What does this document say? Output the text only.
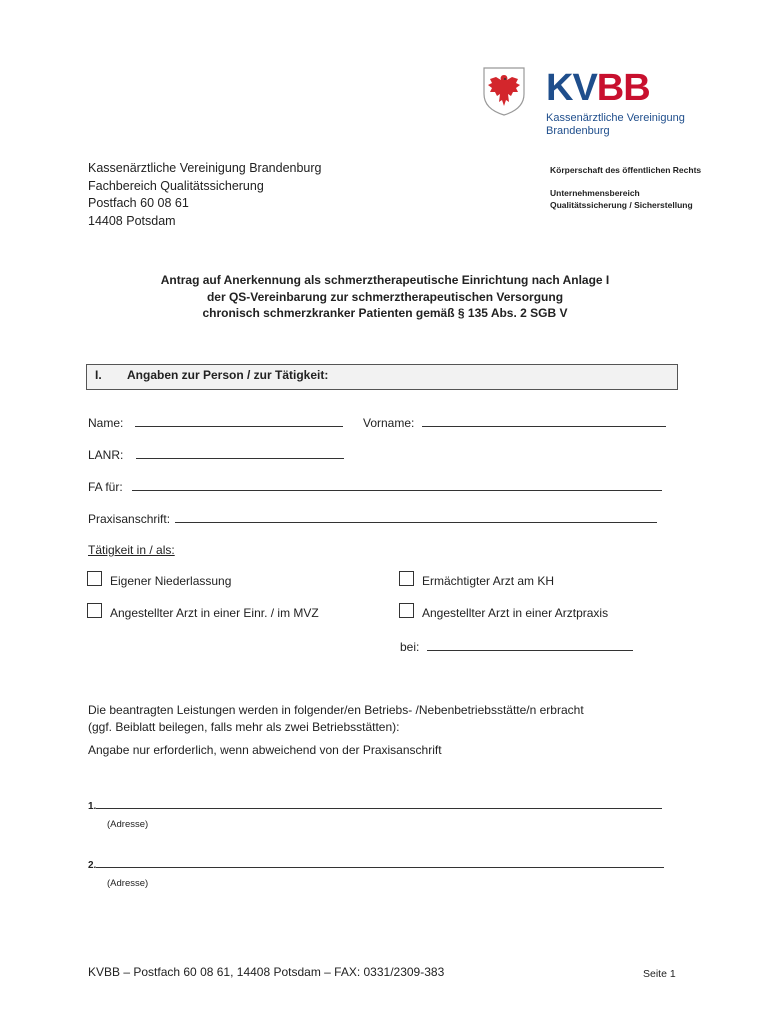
KVBB
Kassenärztliche Vereinigung
Brandenburg
Kassenärztliche Vereinigung Brandenburg
Fachbereich Qualitätssicherung
Postfach 60 08 61
14408 Potsdam
Körperschaft des öffentlichen Rechts
Unternehmensbereich
Qualitätssicherung / Sicherstellung
Antrag auf Anerkennung als schmerztherapeutische Einrichtung nach Anlage I
der QS-Vereinbarung zur schmerztherapeutischen Versorgung
chronisch schmerzkranker Patienten gemäß § 135 Abs. 2 SGB V
I. Angaben zur Person / zur Tätigkeit:
Name:	Vorname:
LANR:
FA für:
Praxisanschrift:
Tätigkeit in / als:
Eigener Niederlassung	Ermächtigter Arzt am KH
Angestellter Arzt in einer Einr. / im MVZ	Angestellter Arzt in einer Arztpraxis
bei:
Die beantragten Leistungen werden in folgender/en Betriebs- /Nebenbetriebsstätte/n erbracht
(ggf. Beiblatt beilegen, falls mehr als zwei Betriebsstätten):
Angabe nur erforderlich, wenn abweichend von der Praxisanschrift
1.
(Adresse)
2.
(Adresse)
KVBB – Postfach 60 08 61, 14408 Potsdam – FAX: 0331/2309-383	Seite 1
